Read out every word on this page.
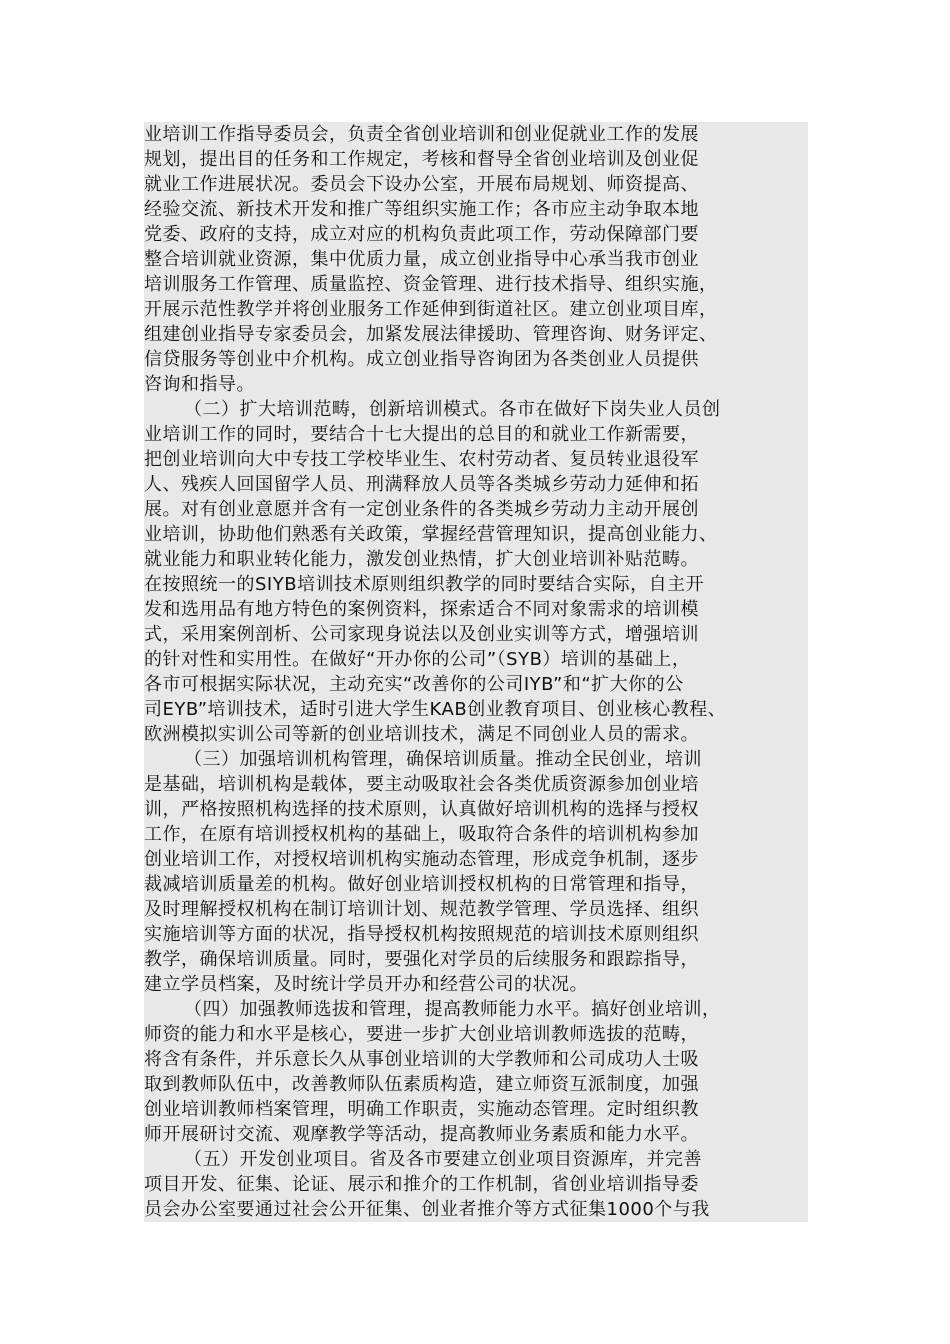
业培训工作指导委员会，负责全省创业培训和创业促就业工作的发展
规划，提出目的任务和工作规定，考核和督导全省创业培训及创业促
就业工作进展状况。委员会下设办公室，开展布局规划、师资提高、
经验交流、新技术开发和推广等组织实施工作；各市应主动争取本地
党委、政府的支持，成立对应的机构负责此项工作，劳动保障部门要
整合培训就业资源，集中优质力量，成立创业指导中心承当我市创业
培训服务工作管理、质量监控、资金管理、进行技术指导、组织实施，
开展示范性教学并将创业服务工作延伸到街道社区。建立创业项目库，
组建创业指导专家委员会，加紧发展法律援助、管理咨询、财务评定、
信贷服务等创业中介机构。成立创业指导咨询团为各类创业人员提供
咨询和指导。
（二）扩大培训范畴，创新培训模式。各市在做好下岗失业人员创
业培训工作的同时，要结合十七大提出的总目的和就业工作新需要，
把创业培训向大中专技工学校毕业生、农村劳动者、复员转业退役军
人、残疾人回国留学人员、刑满释放人员等各类城乡劳动力延伸和拓
展。对有创业意愿并含有一定创业条件的各类城乡劳动力主动开展创
业培训，协助他们熟悉有关政策，掌握经营管理知识，提高创业能力、
就业能力和职业转化能力，激发创业热情，扩大创业培训补贴范畴。
在按照统一的SIYB培训技术原则组织教学的同时要结合实际，自主开
发和选用品有地方特色的案例资料，探索适合不同对象需求的培训模
式，采用案例剖析、公司家现身说法以及创业实训等方式，增强培训
的针对性和实用性。在做好“开办你的公司”（SYB）培训的基础上，
各市可根据实际状况，主动充实“改善你的公司IYB”和“扩大你的公
司EYB”培训技术，适时引进大学生KAB创业教育项目、创业核心教程、
欧洲模拟实训公司等新的创业培训技术，满足不同创业人员的需求。
（三）加强培训机构管理，确保培训质量。推动全民创业，培训
是基础，培训机构是载体，要主动吸取社会各类优质资源参加创业培
训，严格按照机构选择的技术原则，认真做好培训机构的选择与授权
工作，在原有培训授权机构的基础上，吸取符合条件的培训机构参加
创业培训工作，对授权培训机构实施动态管理，形成竞争机制，逐步
裁减培训质量差的机构。做好创业培训授权机构的日常管理和指导，
及时理解授权机构在制订培训计划、规范教学管理、学员选择、组织
实施培训等方面的状况，指导授权机构按照规范的培训技术原则组织
教学，确保培训质量。同时，要强化对学员的后续服务和跟踪指导，
建立学员档案，及时统计学员开办和经营公司的状况。
（四）加强教师选拔和管理，提高教师能力水平。搞好创业培训，
师资的能力和水平是核心，要进一步扩大创业培训教师选拔的范畴，
将含有条件，并乐意长久从事创业培训的大学教师和公司成功人士吸
取到教师队伍中，改善教师队伍素质构造，建立师资互派制度，加强
创业培训教师档案管理，明确工作职责，实施动态管理。定时组织教
师开展研讨交流、观摩教学等活动，提高教师业务素质和能力水平。
（五）开发创业项目。省及各市要建立创业项目资源库，并完善
项目开发、征集、论证、展示和推介的工作机制，省创业培训指导委
员会办公室要通过社会公开征集、创业者推介等方式征集1000个与我
